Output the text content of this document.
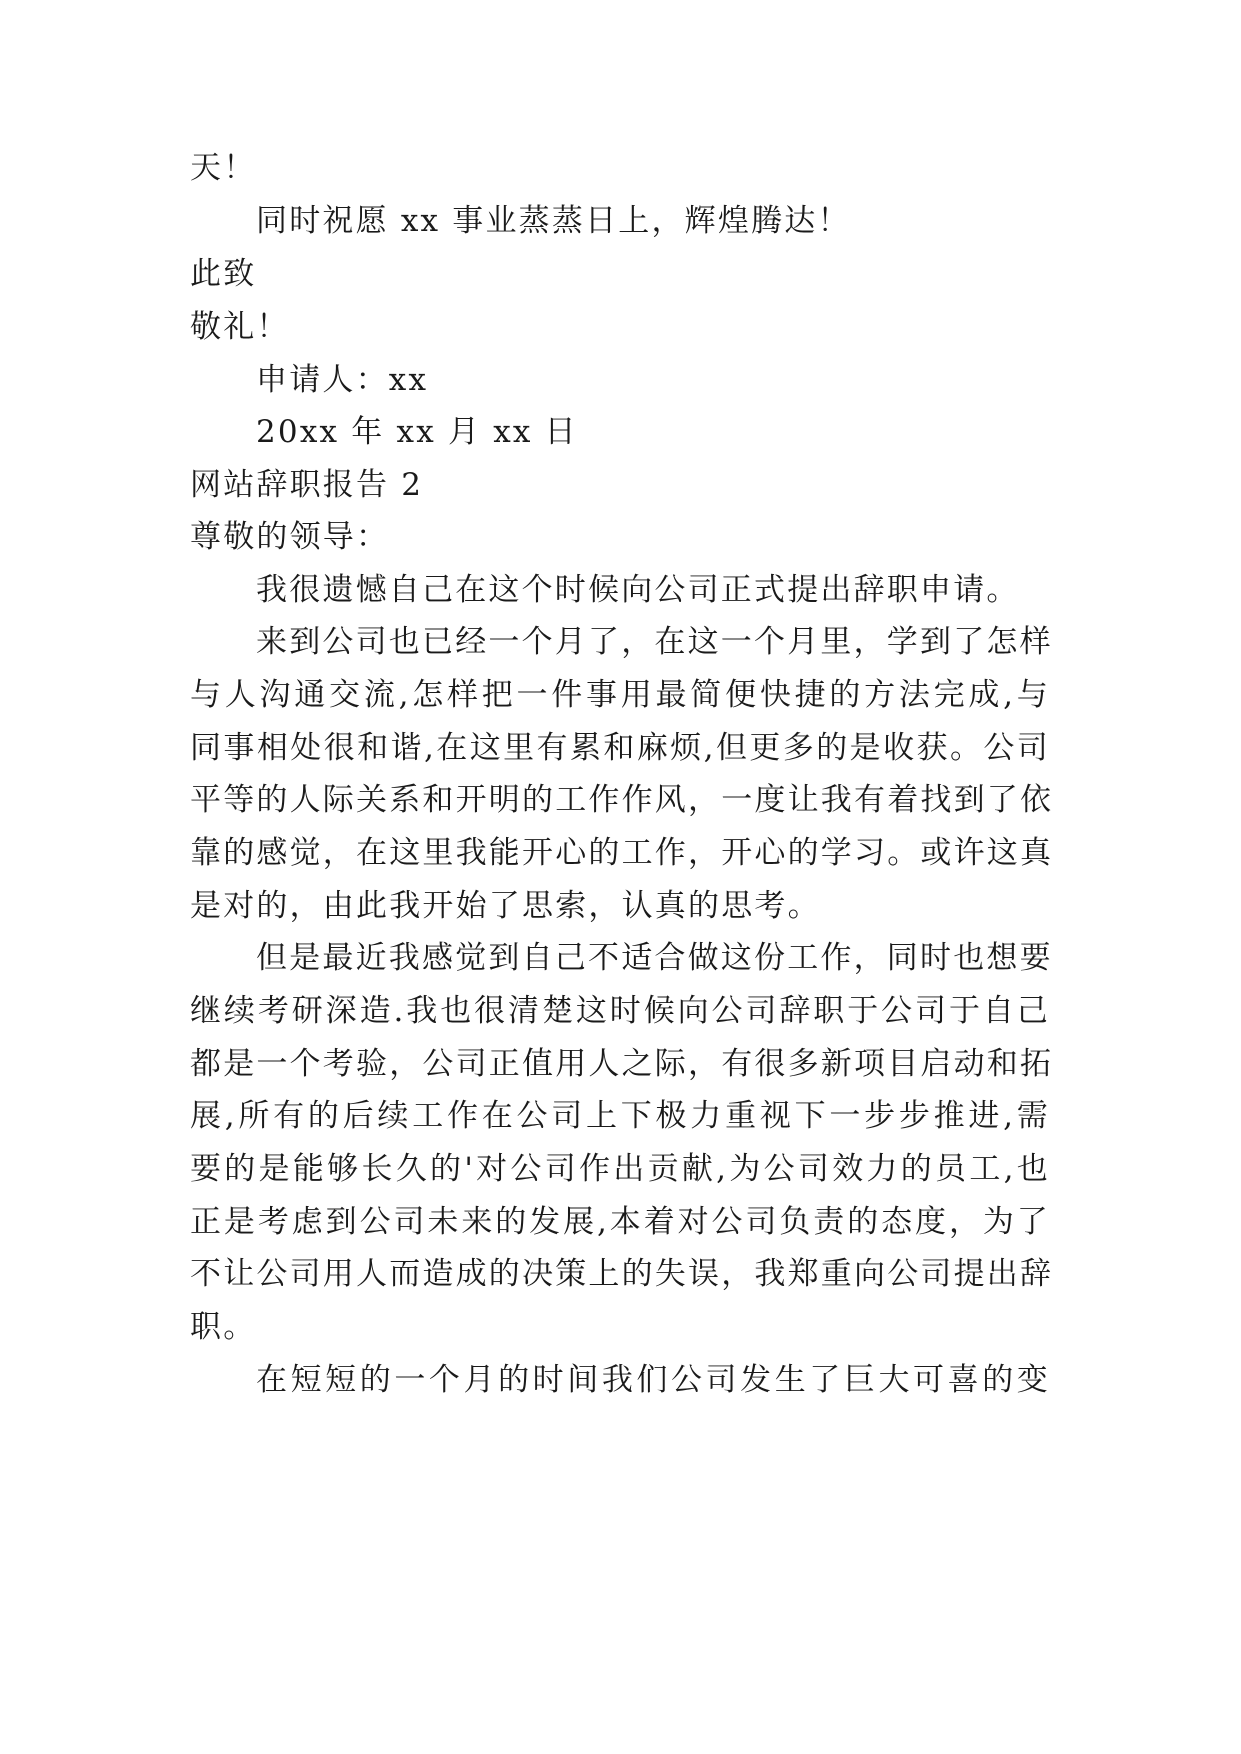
天！
同时祝愿 xx 事业蒸蒸日上，辉煌腾达！
此致
敬礼！
申请人：xx
20xx 年 xx 月 xx 日
网站辞职报告 2
尊敬的领导：
我很遗憾自己在这个时候向公司正式提出辞职申请。
来到公司也已经一个月了，在这一个月里，学到了怎样
与人沟通交流,怎样把一件事用最简便快捷的方法完成,与
同事相处很和谐,在这里有累和麻烦,但更多的是收获。公司
平等的人际关系和开明的工作作风，一度让我有着找到了依
靠的感觉，在这里我能开心的工作，开心的学习。或许这真
是对的，由此我开始了思索，认真的思考。
但是最近我感觉到自己不适合做这份工作，同时也想要
继续考研深造.我也很清楚这时候向公司辞职于公司于自己
都是一个考验，公司正值用人之际，有很多新项目启动和拓
展,所有的后续工作在公司上下极力重视下一步步推进,需
要的是能够长久的'对公司作出贡献,为公司效力的员工,也
正是考虑到公司未来的发展,本着对公司负责的态度，为了
不让公司用人而造成的决策上的失误，我郑重向公司提出辞
职。
在短短的一个月的时间我们公司发生了巨大可喜的变
